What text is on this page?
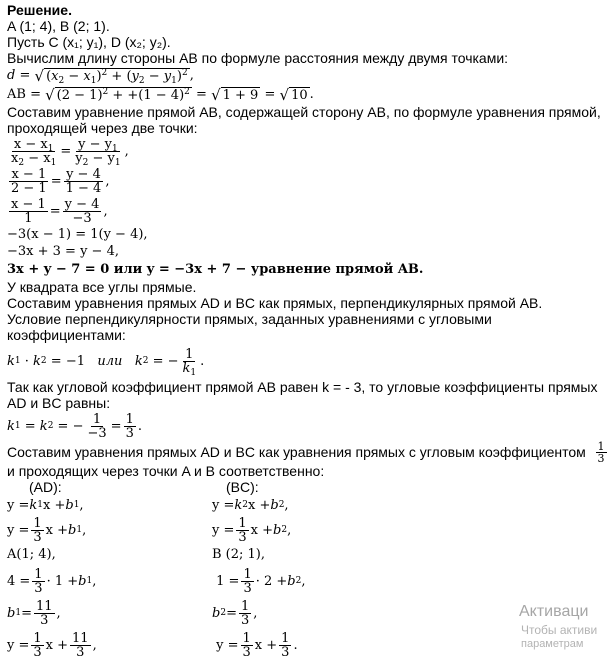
Решение.
A (1; 4), B (2; 1).
Пусть C (x₁; y₁), D (x₂; y₂).
Вычислим длину стороны AB по формуле расстояния между двумя точками:
d = √ $(x_2 - x_1)^2 + (y_2 - y_1)^2$ ,
AB = √ $(2 - 1)^2 + +(1 - 4)^2$ = √ 1 + 9 = √ 10 .
Составим уравнение прямой AB, содержащей сторону AB, по формуле уравнения прямой,
проходящей через две точки:
$\frac{x - x_1}{x_2 - x_1} = \frac{y - y_1}{y_2 - y_1}$ ,
$\frac{x - 1}{2 - 1} = \frac{y - 4}{1 - 4}$ ,
$\frac{x - 1}{1} = \frac{y - 4}{-3}$ ,
−3(x − 1) = 1(y − 4),
−3x + 3 = y − 4,
3x + y − 7 = 0 или y = −3x + 7 − уравнение прямой AB.
У квадрата все углы прямые.
Составим уравнения прямых AD и BC как прямых, перпендикулярных прямой AB.
Условие перпендикулярности прямых, заданных уравнениями с угловыми
коэффициентами:
k 1 · k 2 = −1 или
k 2 = − $\frac{1}{k_1}$ .
Так как угловой коэффициент прямой AB равен k = - 3, то угловые коэффициенты прямых
AD и BC равны:
k 1 = k 2 = − $\frac{1}{-3} = \frac{1}{3}$ .
Составим уравнения прямых AD и BC как уравнения прямых с угловым коэффициентом
$\frac{1}{3}$
и проходящих через точки A и B соответственно:
(AD):
y = k 1 x + b 1 ,
$y = \frac{1}{3}$ x + b 1 ,
A(1; 4),
$4 = \frac{1}{3} \cdot 1 + b$ 1 ,
b $1 = \frac{11}{3}$ ,
$y = \frac{1}{3}$ $x + \frac{11}{3}$ ,
(BC):
y = k 2 x + b 2 ,
$y = \frac{1}{3}$ x + b 2 ,
B (2; 1),
$1 = \frac{1}{3} \cdot 2 + b$ 2 ,
b $2 = \frac{1}{3}$ ,
$y = \frac{1}{3}$ $x + \frac{1}{3}$ .
Активаци
Чтобы активи
параметрам
